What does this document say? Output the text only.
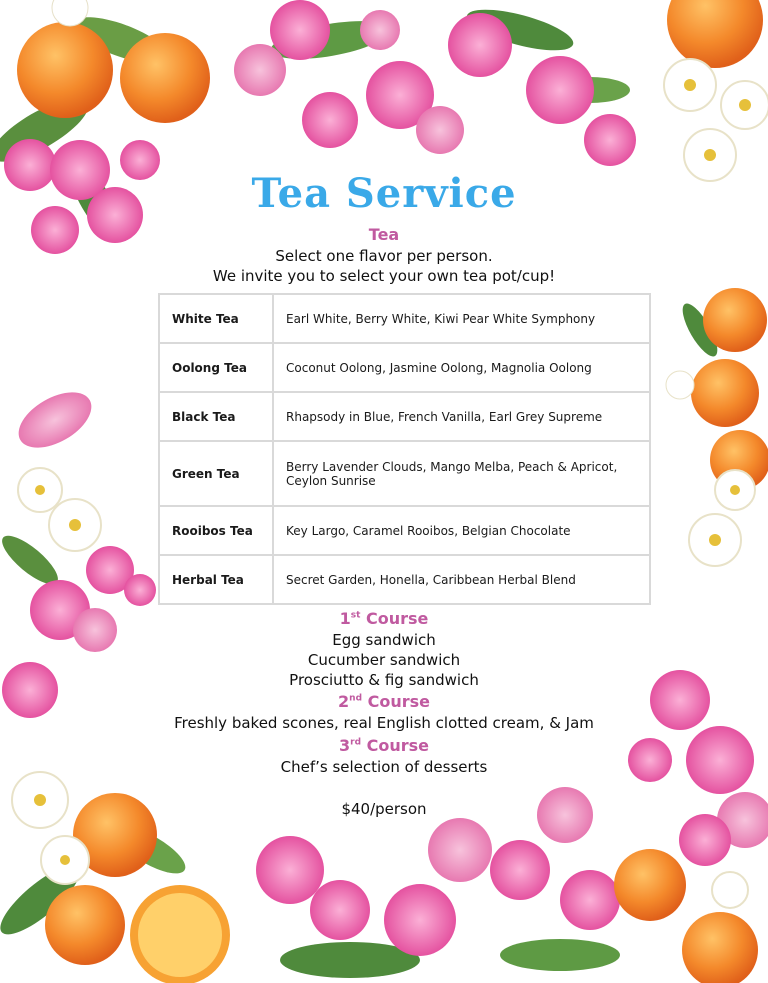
Tea Service
Tea
Select one flavor per person.
We invite you to select your own tea pot/cup!
White Tea	Earl White, Berry White, Kiwi Pear White Symphony
Oolong Tea	Coconut Oolong, Jasmine Oolong, Magnolia Oolong
Black Tea	Rhapsody in Blue, French Vanilla, Earl Grey Supreme
Green Tea	Berry Lavender Clouds, Mango Melba, Peach & Apricot, Ceylon Sunrise
Rooibos Tea	Key Largo, Caramel Rooibos, Belgian Chocolate
Herbal Tea	Secret Garden, Honella, Caribbean Herbal Blend
1st Course
Egg sandwich
Cucumber sandwich
Prosciutto & fig sandwich
2nd Course
Freshly baked scones, real English clotted cream, & Jam
3rd Course
Chef’s selection of desserts
$40/person
